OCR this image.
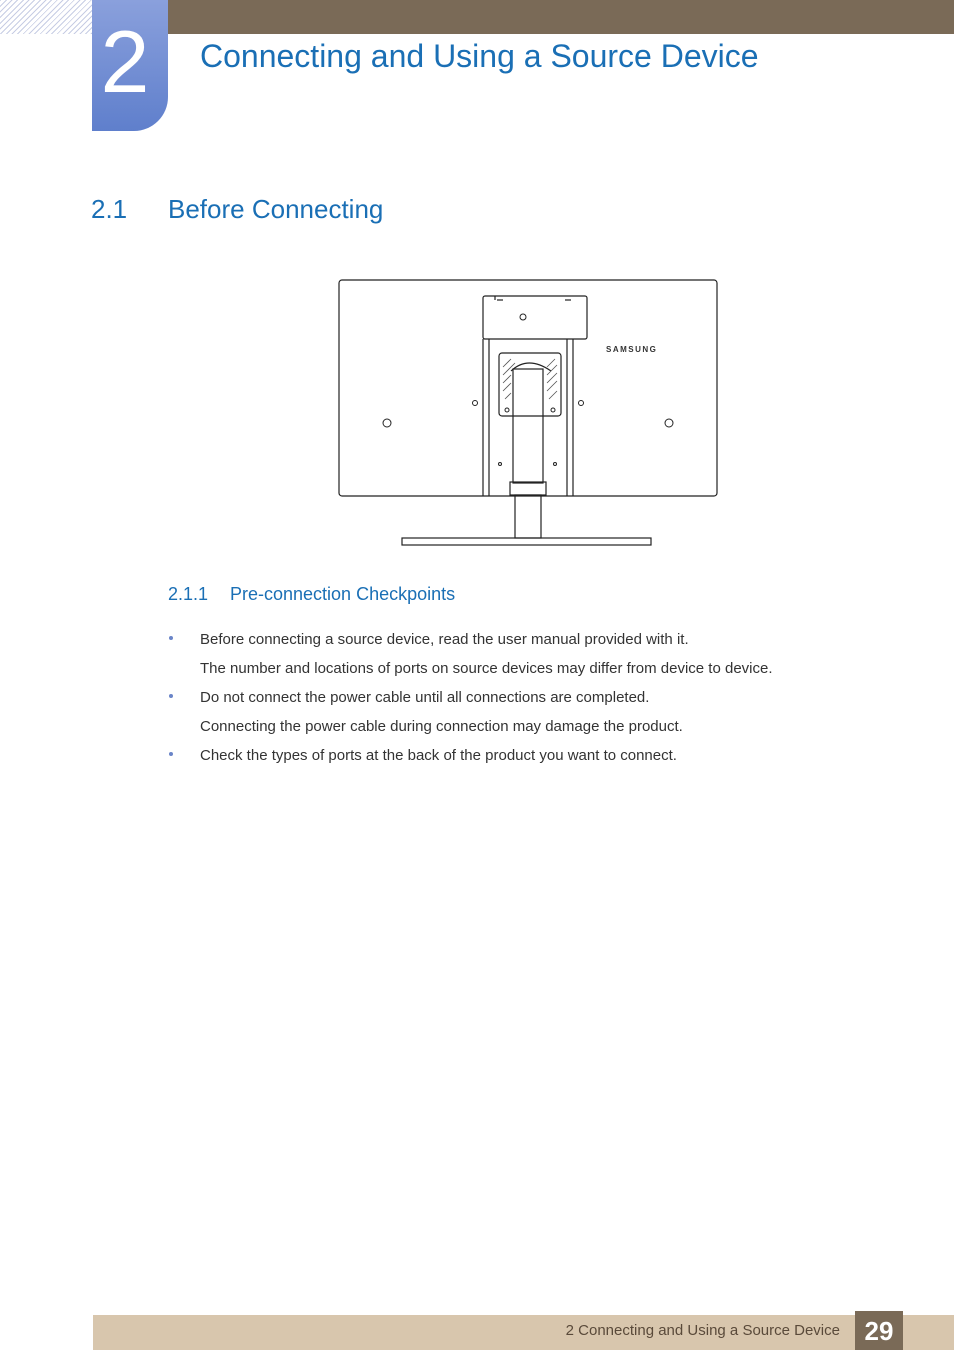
2 Connecting and Using a Source Device
2.1 Before Connecting
SAMSUNG
2.1.1 Pre-connection Checkpoints
Before connecting a source device, read the user manual provided with it.
The number and locations of ports on source devices may differ from device to device.
Do not connect the power cable until all connections are completed.
Connecting the power cable during connection may damage the product.
Check the types of ports at the back of the product you want to connect.
2 Connecting and Using a Source Device 29
